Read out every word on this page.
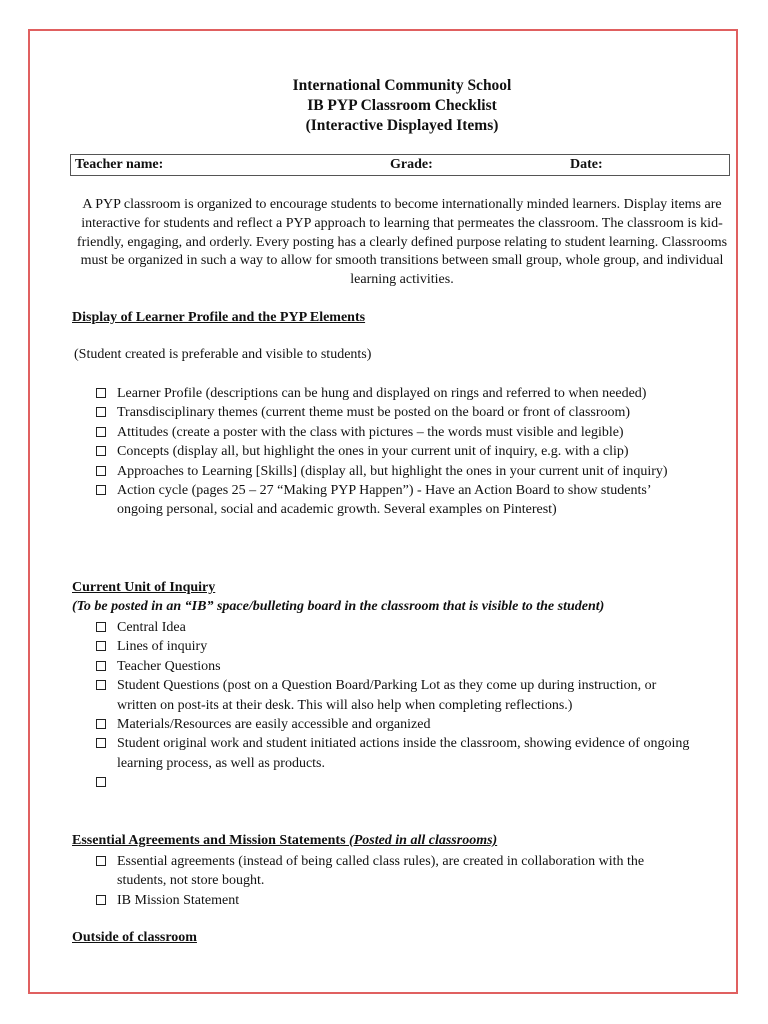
International Community School
IB PYP Classroom Checklist
(Interactive Displayed Items)
Teacher name:	Grade:	Date:
A PYP classroom is organized to encourage students to become internationally minded learners. Display items are interactive for students and reflect a PYP approach to learning that permeates the classroom. The classroom is kid-friendly, engaging, and orderly. Every posting has a clearly defined purpose relating to student learning. Classrooms must be organized in such a way to allow for smooth transitions between small group, whole group, and individual learning activities.
Display of Learner Profile and the PYP Elements
(Student created is preferable and visible to students)
Learner Profile (descriptions can be hung and displayed on rings and referred to when needed)
Transdisciplinary themes (current theme must be posted on the board or front of classroom)
Attitudes (create a poster with the class with pictures – the words must visible and legible)
Concepts (display all, but highlight the ones in your current unit of inquiry, e.g. with a clip)
Approaches to Learning [Skills] (display all, but highlight the ones in your current unit of inquiry)
Action cycle (pages 25 – 27 “Making PYP Happen”) - Have an Action Board to show students’ ongoing personal, social and academic growth. Several examples on Pinterest)
Current Unit of Inquiry
(To be posted in an “IB” space/bulleting board in the classroom that is visible to the student)
Central Idea
Lines of inquiry
Teacher Questions
Student Questions (post on a Question Board/Parking Lot as they come up during instruction, or written on post-its at their desk. This will also help when completing reflections.)
Materials/Resources are easily accessible and organized
Student original work and student initiated actions inside the classroom, showing evidence of ongoing learning process, as well as products.
Essential Agreements and Mission Statements (Posted in all classrooms)
Essential agreements (instead of being called class rules), are created in collaboration with the students, not store bought.
IB Mission Statement
Outside of classroom
